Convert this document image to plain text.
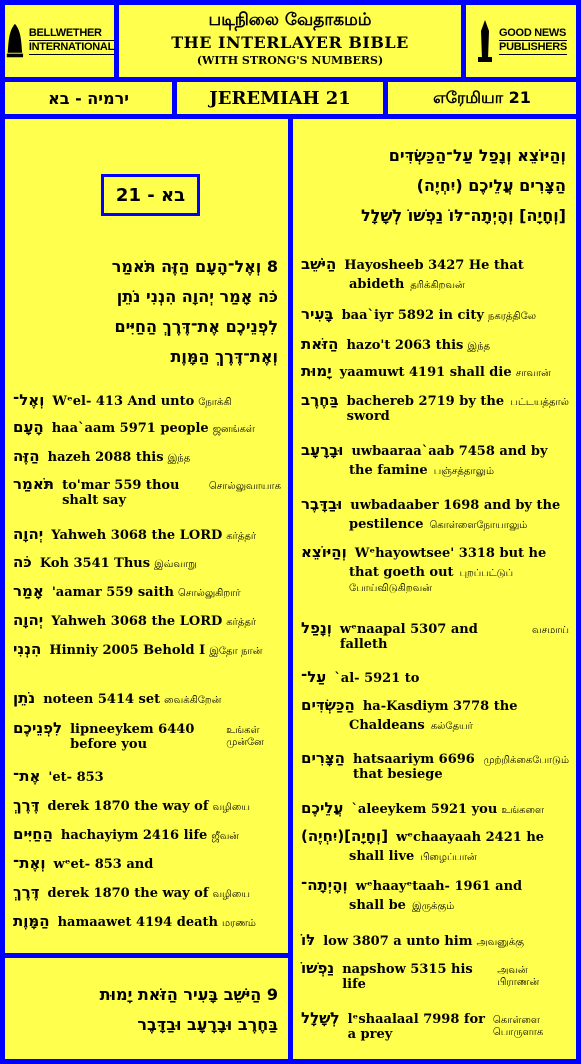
BELLWETHER
INTERNATIONAL
படிநிலை வேதாகமம்
THE INTERLAYER BIBLE
(WITH STRONG'S NUMBERS)
GOOD NEWS
PUBLISHERS
ירמיה - בא	JEREMIAH 21	எரேமியா 21
בא - 21
8 וְאֶל־הָעָם הַזֶּה תֹּאמַר
כֹּה אָמַר יְהוָה הִנְנִי נֹתֵן
לִפְנֵיכֶם אֶת־דֶּרֶךְ הַחַיִּים
וְאֶת־דֶּרֶךְ הַמָּוֶת
וְאֶל־ Wᵉel- 413 And unto நோக்கி
הָעָם haa`aam 5971 people ஜனங்கள்
הַזֶּה hazeh 2088 this இந்த
תֹּאמַר to'mar 559 thou shalt say
சொல்லுவாயாக
יְהוָה Yahweh 3068 the LORD கர்த்தர்
כֹּה Koh 3541 Thus இவ்வாறு
אָמַר 'aamar 559 saith சொல்லுகிறார்
יְהוָה Yahweh 3068 the LORD கர்த்தர்
הִנְנִי Hinniy 2005 Behold I இதோ நான்
נֹתֵן noteen 5414 set வைக்கிறேன்
לִפְנֵיכֶם lipneeykem 6440 before you
உங்கள் முன்னே
אֶת־ 'et- 853
דֶּרֶךְ derek 1870 the way of வழியை
הַחַיִּים hachayiym 2416 life ஜீவன்
וְאֶת־ wᵉet- 853 and
דֶּרֶךְ derek 1870 the way of வழியை
הַמָּוֶת hamaawet 4194 death மரணம்
9 הַיֹּשֵׁב בָּעִיר הַזֹּאת יָמוּת
בַּחֶרֶב וּבָרָעָב וּבַדָּבֶר
וְהַיּוֹצֵא וְנָפַל עַל־הַכַּשְׂדִּים
הַצָּרִים עֲלֵיכֶם (יִחְיֶה)
[וְחָיָה] וְהָיְתָה־לּוֹ נַפְשׁוֹ לְשָׁלָל
הַיֹּשֵׁב Hayosheeb 3427 He that
abideth தரிக்கிறவன்
בָּעִיר baa`iyr 5892 in city நகரத்திலே
הַזֹּאת hazo't 2063 this இந்த
יָמוּת yaamuwt 4191 shall die சாவான்
בַּחֶרֶב bachereb 2719 by the sword
பட்டயத்தால்
וּבָרָעָב uwbaaraa`aab 7458 and by
the famine பஞ்சத்தாலும்
וּבַדָּבֶר uwbadaaber 1698 and by the
pestilence கொள்ளைநோயாலும்
וְהַיּוֹצֵא Wᵉhayowtsee' 3318 but he
that goeth out புறப்பட்டுப் போய்விடுகிறவன்
וְנָפַל wᵉnaapal 5307 and falleth
வசமாய்
עַל־ `al- 5921 to
הַכַּשְׂדִּים ha-Kasdiym 3778 the
Chaldeans கல்தேயர்
הַצָּרִים hatsaariym 6696 that besiege
முற்றிக்கைபோடும்
עֲלֵיכֶם `aleeykem 5921 you உங்களை
(יִחְיֶה)[וְחָיָה] wᵉchaayaah 2421 he
shall live பிழைப்பான்
וְהָיְתָה־ wᵉhaayᵉtaah- 1961 and
shall be இருக்கும்
לּוֹ low 3807 a unto him அவனுக்கு
נַפְשׁוֹ napshow 5315 his life
அவன் பிராணன்
לְשָׁלָל lᵉshaalaal 7998 for a prey
கொள்ளை பொருளாக
